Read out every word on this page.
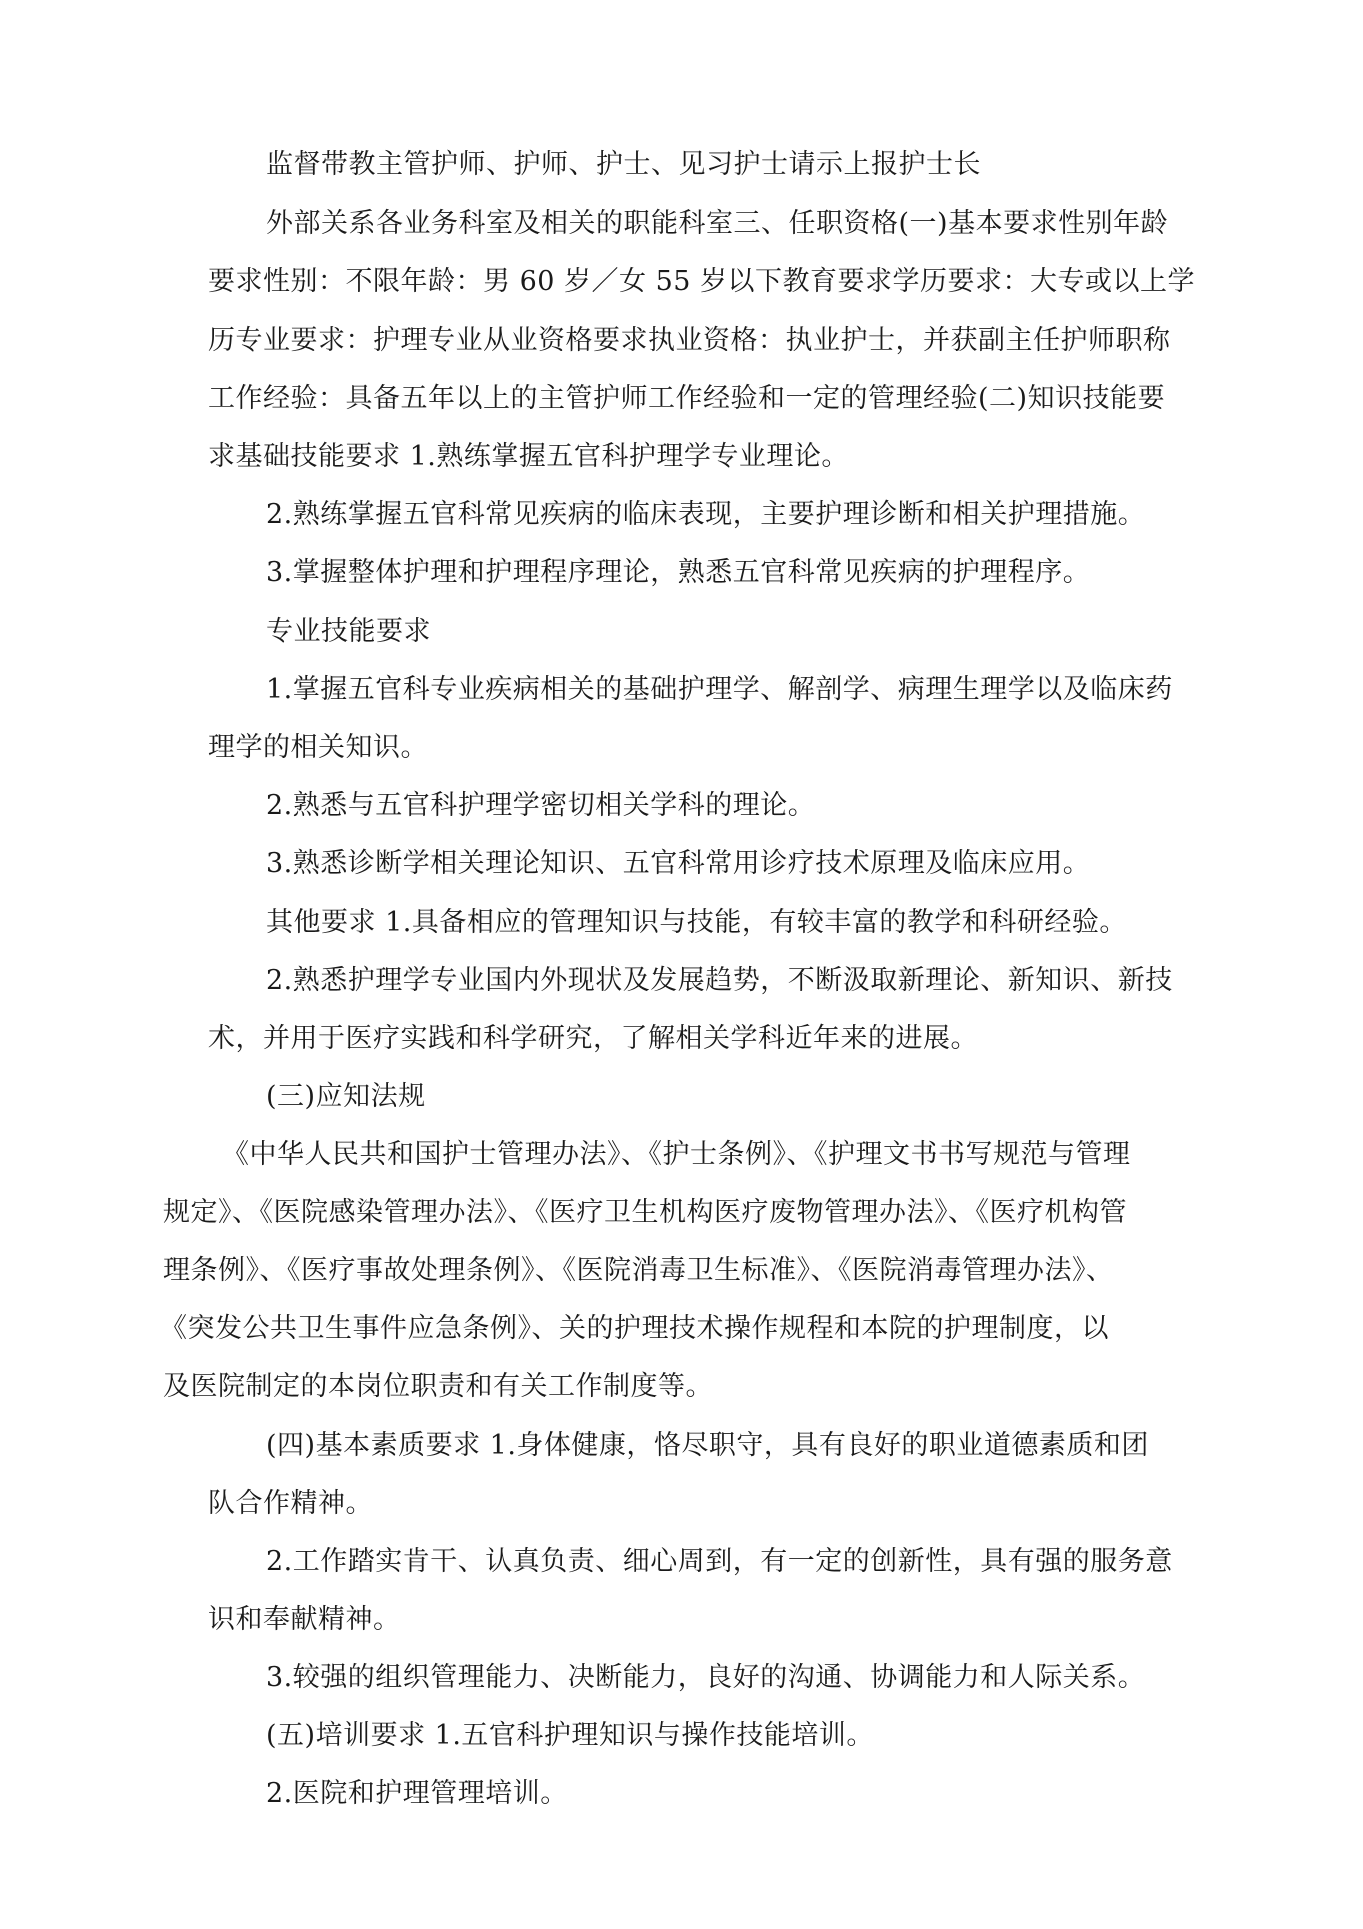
监督带教主管护师、护师、护士、见习护士请示上报护士长
外部关系各业务科室及相关的职能科室三、任职资格(一)基本要求性别年龄
要求性别：不限年龄：男 60 岁／女 55 岁以下教育要求学历要求：大专或以上学
历专业要求：护理专业从业资格要求执业资格：执业护士，并获副主任护师职称
工作经验：具备五年以上的主管护师工作经验和一定的管理经验(二)知识技能要
求基础技能要求 1.熟练掌握五官科护理学专业理论。
2.熟练掌握五官科常见疾病的临床表现，主要护理诊断和相关护理措施。
3.掌握整体护理和护理程序理论，熟悉五官科常见疾病的护理程序。
专业技能要求
1.掌握五官科专业疾病相关的基础护理学、解剖学、病理生理学以及临床药
理学的相关知识。
2.熟悉与五官科护理学密切相关学科的理论。
3.熟悉诊断学相关理论知识、五官科常用诊疗技术原理及临床应用。
其他要求 1.具备相应的管理知识与技能，有较丰富的教学和科研经验。
2.熟悉护理学专业国内外现状及发展趋势，不断汲取新理论、新知识、新技
术，并用于医疗实践和科学研究，了解相关学科近年来的进展。
(三)应知法规
《中华人民共和国护士管理办法》、《护士条例》、《护理文书书写规范与管理
规定》、《医院感染管理办法》、《医疗卫生机构医疗废物管理办法》、《医疗机构管
理条例》、《医疗事故处理条例》、《医院消毒卫生标准》、《医院消毒管理办法》、
《突发公共卫生事件应急条例》、关的护理技术操作规程和本院的护理制度，以
及医院制定的本岗位职责和有关工作制度等。
(四)基本素质要求 1.身体健康，恪尽职守，具有良好的职业道德素质和团
队合作精神。
2.工作踏实肯干、认真负责、细心周到，有一定的创新性，具有强的服务意
识和奉献精神。
3.较强的组织管理能力、决断能力，良好的沟通、协调能力和人际关系。
(五)培训要求 1.五官科护理知识与操作技能培训。
2.医院和护理管理培训。
